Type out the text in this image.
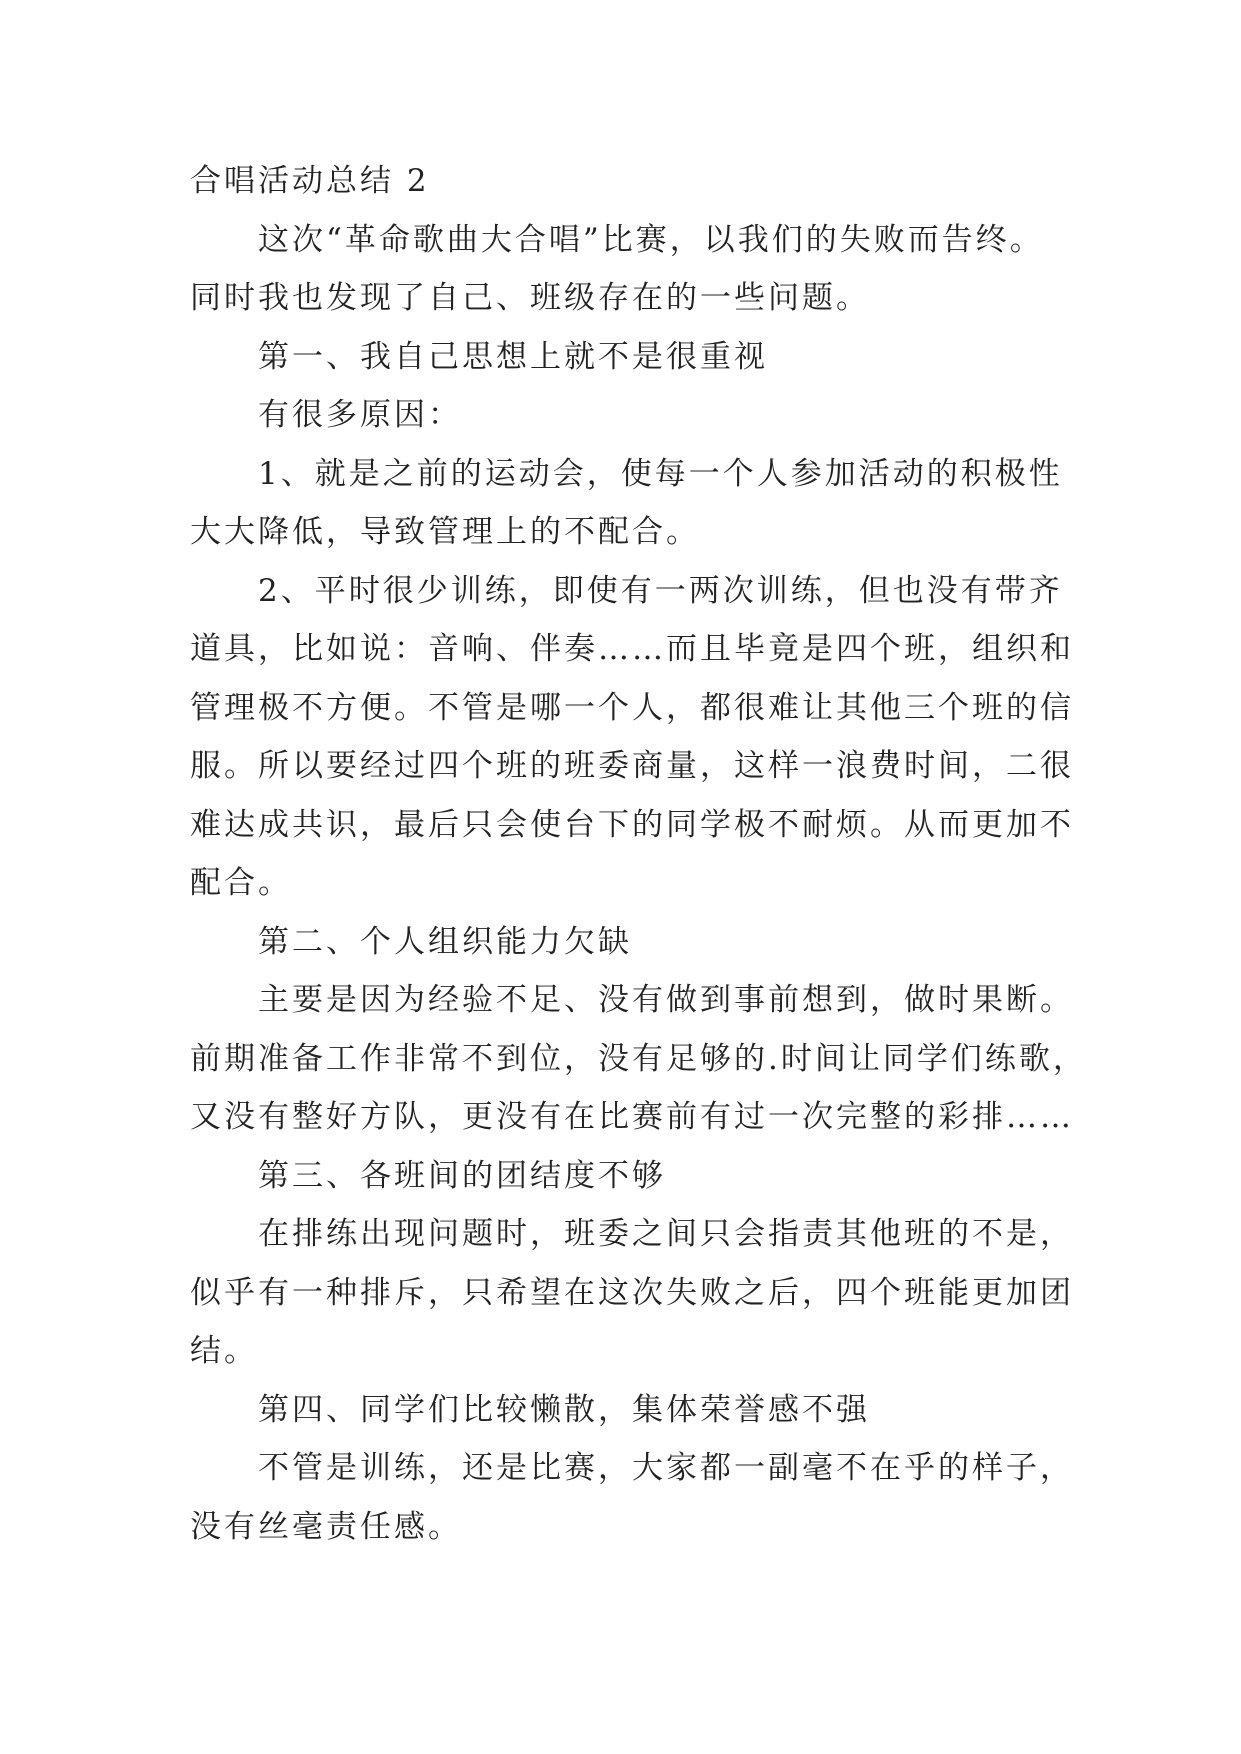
合唱活动总结 2

这次“革命歌曲大合唱”比赛，以我们的失败而告终。

同时我也发现了自己、班级存在的一些问题。

第一、我自己思想上就不是很重视

有很多原因：

1、就是之前的运动会，使每一个人参加活动的积极性

大大降低，导致管理上的不配合。

2、平时很少训练，即使有一两次训练，但也没有带齐

道具，比如说：音响、伴奏……而且毕竟是四个班，组织和

管理极不方便。不管是哪一个人，都很难让其他三个班的信

服。所以要经过四个班的班委商量，这样一浪费时间，二很

难达成共识，最后只会使台下的同学极不耐烦。从而更加不

配合。

第二、个人组织能力欠缺

主要是因为经验不足、没有做到事前想到，做时果断。

前期准备工作非常不到位，没有足够的.时间让同学们练歌，

又没有整好方队，更没有在比赛前有过一次完整的彩排……

第三、各班间的团结度不够

在排练出现问题时，班委之间只会指责其他班的不是，

似乎有一种排斥，只希望在这次失败之后，四个班能更加团

结。

第四、同学们比较懒散，集体荣誉感不强

不管是训练，还是比赛，大家都一副毫不在乎的样子，

没有丝毫责任感。
